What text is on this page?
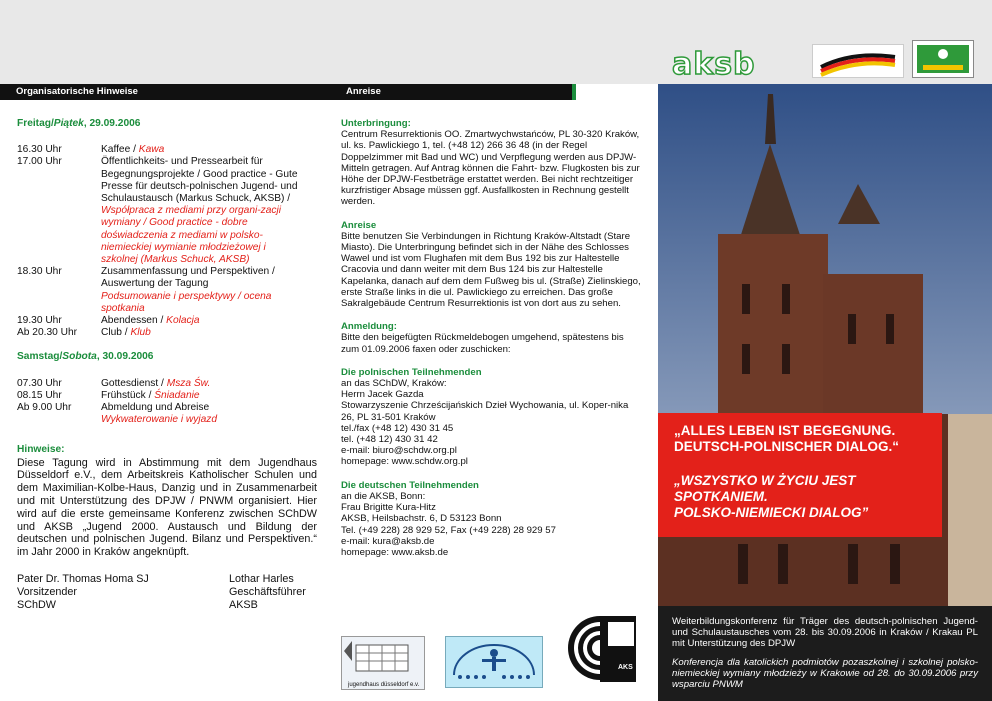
aksb
Organisatorische Hinweise	Anreise
Freitag/Piątek, 29.09.2006
16.30 Uhr	Kaffee / Kawa
17.00 Uhr	Öffentlichkeits- und Pressearbeit für Begegnungsprojekte / Good practice - Gute Presse für deutsch-polnischen Jugend- und Schulaustausch (Markus Schuck, AKSB) /
Współpraca z mediami przy organi-zacji wymiany / Good practice - dobre doświadczenia z mediami w polsko-niemieckiej wymianie młodzieżowej i szkolnej (Markus Schuck, AKSB)
18.30 Uhr	Zusammenfassung und Perspektiven / Auswertung der Tagung
Podsumowanie i perspektywy / ocena spotkania
19.30 Uhr	Abendessen / Kolacja
Ab 20.30 Uhr	Club / Klub
Samstag/Sobota, 30.09.2006
07.30 Uhr	Gottesdienst / Msza Św.
08.15 Uhr	Frühstück / Śniadanie
Ab 9.00 Uhr	Abmeldung und Abreise
Wykwaterowanie i wyjazd
Hinweise:
Diese Tagung wird in Abstimmung mit dem Jugendhaus Düsseldorf e.V., dem Arbeitskreis Katholischer Schulen und dem Maximilian-Kolbe-Haus, Danzig und in Zusammenarbeit und mit Unterstützung des DPJW / PNWM organisiert. Hier wird auf die erste gemeinsame Konferenz zwischen SChDW und AKSB „Jugend 2000. Austausch und Bildung der deutschen und polnischen Jugend. Bilanz und Perspektiven.“ im Jahr 2000 in Kraków angeknüpft.
Pater Dr. Thomas Homa SJ
Vorsitzender
SChDW
Lothar Harles
Geschäftsführer
AKSB
Unterbringung:
Centrum Resurrektionis OO. Zmartwychwstańców, PL 30-320 Kraków, ul. ks. Pawlickiego 1, tel. (+48 12) 266 36 48 (in der Regel Doppelzimmer mit Bad und WC) und Verpflegung werden aus DPJW-Mitteln getragen. Auf Antrag können die Fahrt- bzw. Flugkosten bis zur Höhe der DPJW-Festbeträge erstattet werden. Bei nicht rechtzeitiger kurzfristiger Absage müssen ggf. Ausfallkosten in Rechnung gestellt werden.
Anreise
Bitte benutzen Sie Verbindungen in Richtung Kraków-Altstadt (Stare Miasto). Die Unterbringung befindet sich in der Nähe des Schlosses Wawel und ist vom Flughafen mit dem Bus 192 bis zur Haltestelle Cracovia und dann weiter mit dem Bus 124 bis zur Haltestelle Kapelanka, danach auf dem dem Fußweg bis ul. (Straße) Zielinskiego, erste Straße links in die ul. Pawlickiego zu erreichen. Das große Sakralgebäude Centrum Resurrektionis ist von dort aus zu sehen.
Anmeldung:
Bitte den beigefügten Rückmeldebogen umgehend, spätestens bis zum 01.09.2006 faxen oder zuschicken:
Die polnischen Teilnehmenden
an das SChDW, Kraków:
Herrn Jacek Gazda
Stowarzyszenie Chrześcijańskich Dzieł Wychowania, ul. Koper-nika 26, PL 31-501 Kraków
tel./fax (+48 12) 430 31 45
tel. (+48 12) 430 31 42
e-mail: biuro@schdw.org.pl
homepage: www.schdw.org.pl
Die deutschen Teilnehmenden
an die AKSB, Bonn:
Frau Brigitte Kura-Hitz
AKSB, Heilsbachstr. 6, D 53123 Bonn
Tel. (+49 228) 28 929 52, Fax (+49 228) 28 929 57
e-mail: kura@aksb.de
homepage: www.aksb.de
jugendhaus düsseldorf e.v.
AKS
„ALLES LEBEN IST BEGEGNUNG.
DEUTSCH-POLNISCHER DIALOG.“
„WSZYSTKO W ŻYCIU JEST
SPOTKANIEM.
POLSKO-NIEMIECKI DIALOG”
Weiterbildungskonferenz für Träger des deutsch-polnischen Jugend- und Schulaustausches vom 28. bis 30.09.2006 in Kraków / Krakau PL mit Unterstützung des DPJW
Konferencja dla katolickich podmiotów pozaszkolnej i szkolnej polsko- niemieckiej wymiany młodzieży w Krakowie od 28. do 30.09.2006 przy wsparciu PNWM
